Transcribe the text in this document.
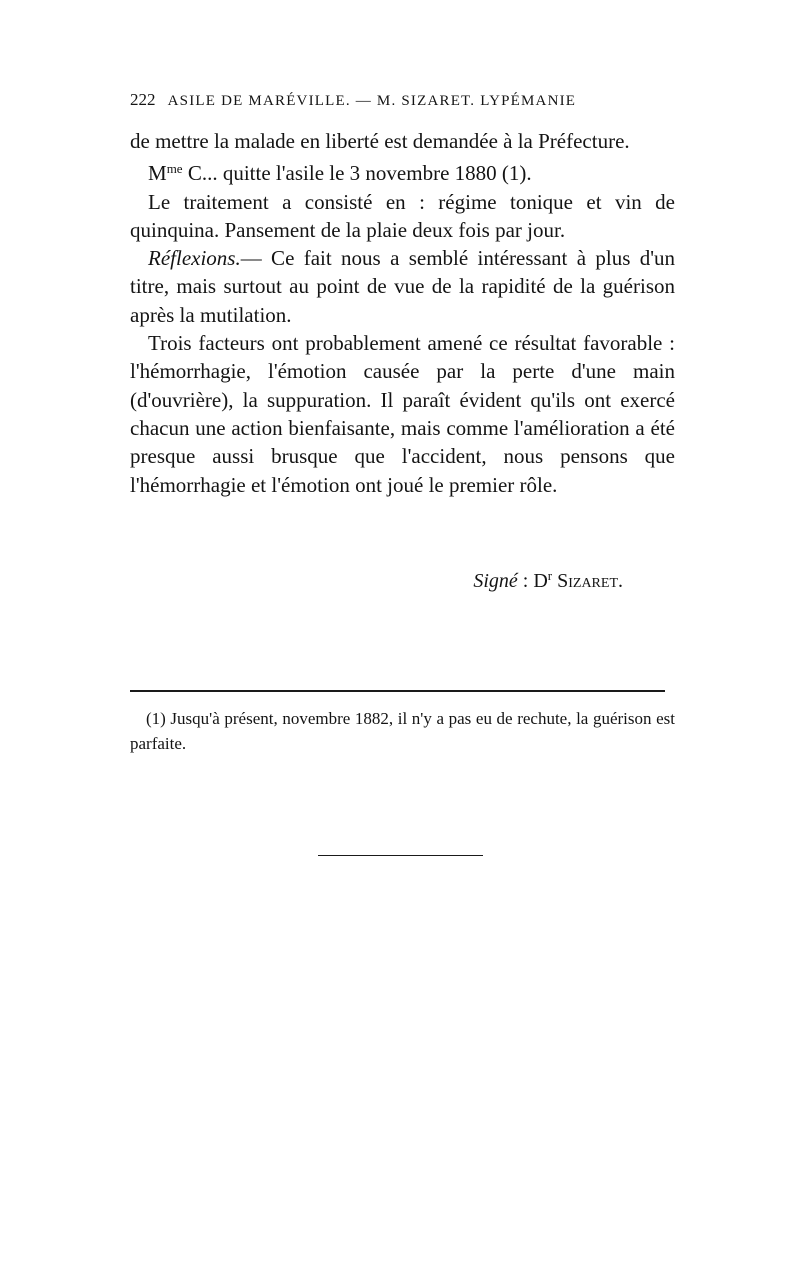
222 ASILE DE MARÉVILLE. — M. SIZARET. LYPÉMANIE

de mettre la malade en liberté est demandée à la Préfecture.

$M^{me}$ C... quitte l'asile le 3 novembre 1880 (1).

Le traitement a consisté en : régime tonique et vin de quinquina. Pansement de la plaie deux fois par jour.

Réflexions.— Ce fait nous a semblé intéressant à plus d'un titre, mais surtout au point de vue de la rapidité de la guérison après la mutilation.

Trois facteurs ont probablement amené ce résultat favorable : l'hémorrhagie, l'émotion causée par la perte d'une main (d'ouvrière), la suppuration. Il paraît évident qu'ils ont exercé chacun une action bienfaisante, mais comme l'amélioration a été presque aussi brusque que l'accident, nous pensons que l'hémorrhagie et l'émotion ont joué le premier rôle.

Signé : $D^r$ Sizaret.
(1) Jusqu'à présent, novembre 1882, il n'y a pas eu de rechute, la guérison est parfaite.
